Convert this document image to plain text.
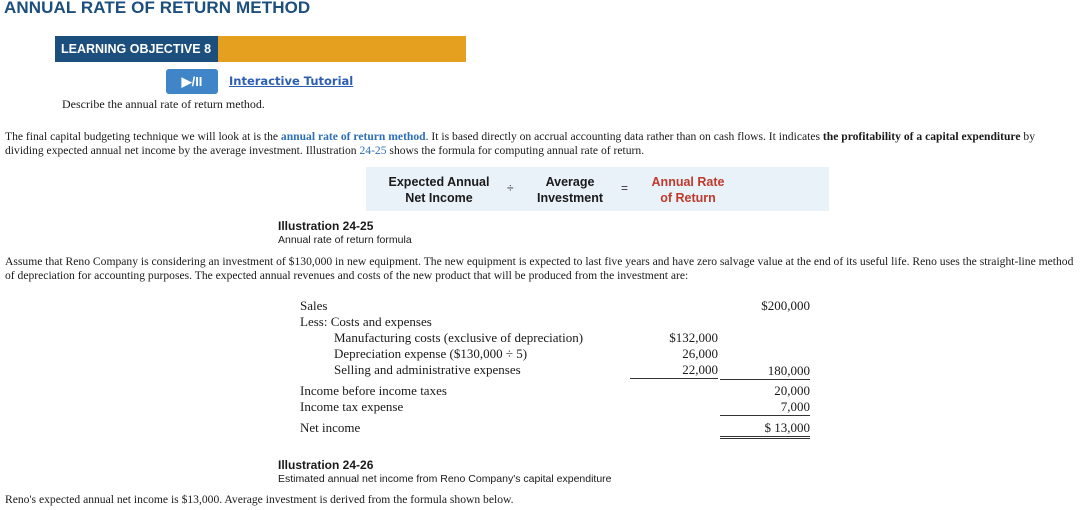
ANNUAL RATE OF RETURN METHOD
LEARNING OBJECTIVE 8
▶/II	Interactive Tutorial
Describe the annual rate of return method.
The final capital budgeting technique we will look at is the annual rate of return method. It is based directly on accrual accounting data rather than on cash flows. It indicates the profitability of a capital expenditure by dividing expected annual net income by the average investment. Illustration 24-25 shows the formula for computing annual rate of return.
Expected Annual
Net Income
÷	Average
Investment
=	Annual Rate
of Return
Illustration 24-25
Annual rate of return formula
Assume that Reno Company is considering an investment of $130,000 in new equipment. The new equipment is expected to last five years and have zero salvage value at the end of its useful life. Reno uses the straight-line method of depreciation for accounting purposes. The expected annual revenues and costs of the new product that will be produced from the investment are:
Sales	$200,000
Less: Costs and expenses
Manufacturing costs (exclusive of depreciation)	$132,000
Depreciation expense ($130,000 ÷ 5)	26,000
Selling and administrative expenses	22,000	180,000
Income before income taxes	20,000
Income tax expense	7,000
Net income	$ 13,000
Illustration 24-26
Estimated annual net income from Reno Company's capital expenditure
Reno's expected annual net income is $13,000. Average investment is derived from the formula shown below.
